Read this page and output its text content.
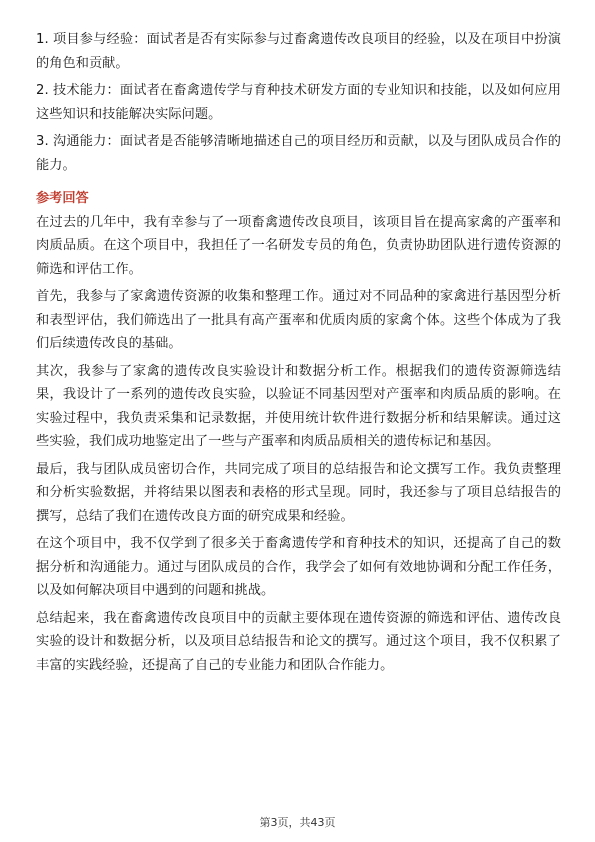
1. 项目参与经验：面试者是否有实际参与过畜禽遗传改良项目的经验，以及在项目中扮演的角色和贡献。

2. 技术能力：面试者在畜禽遗传学与育种技术研发方面的专业知识和技能，以及如何应用这些知识和技能解决实际问题。

3. 沟通能力：面试者是否能够清晰地描述自己的项目经历和贡献，以及与团队成员合作的能力。

参考回答

在过去的几年中，我有幸参与了一项畜禽遗传改良项目，该项目旨在提高家禽的产蛋率和肉质品质。在这个项目中，我担任了一名研发专员的角色，负责协助团队进行遗传资源的筛选和评估工作。

首先，我参与了家禽遗传资源的收集和整理工作。通过对不同品种的家禽进行基因型分析和表型评估，我们筛选出了一批具有高产蛋率和优质肉质的家禽个体。这些个体成为了我们后续遗传改良的基础。

其次，我参与了家禽的遗传改良实验设计和数据分析工作。根据我们的遗传资源筛选结果，我设计了一系列的遗传改良实验，以验证不同基因型对产蛋率和肉质品质的影响。在实验过程中，我负责采集和记录数据，并使用统计软件进行数据分析和结果解读。通过这些实验，我们成功地鉴定出了一些与产蛋率和肉质品质相关的遗传标记和基因。

最后，我与团队成员密切合作，共同完成了项目的总结报告和论文撰写工作。我负责整理和分析实验数据，并将结果以图表和表格的形式呈现。同时，我还参与了项目总结报告的撰写，总结了我们在遗传改良方面的研究成果和经验。

在这个项目中，我不仅学到了很多关于畜禽遗传学和育种技术的知识，还提高了自己的数据分析和沟通能力。通过与团队成员的合作，我学会了如何有效地协调和分配工作任务，以及如何解决项目中遇到的问题和挑战。

总结起来，我在畜禽遗传改良项目中的贡献主要体现在遗传资源的筛选和评估、遗传改良实验的设计和数据分析，以及项目总结报告和论文的撰写。通过这个项目，我不仅积累了丰富的实践经验，还提高了自己的专业能力和团队合作能力。

第3页，共43页
